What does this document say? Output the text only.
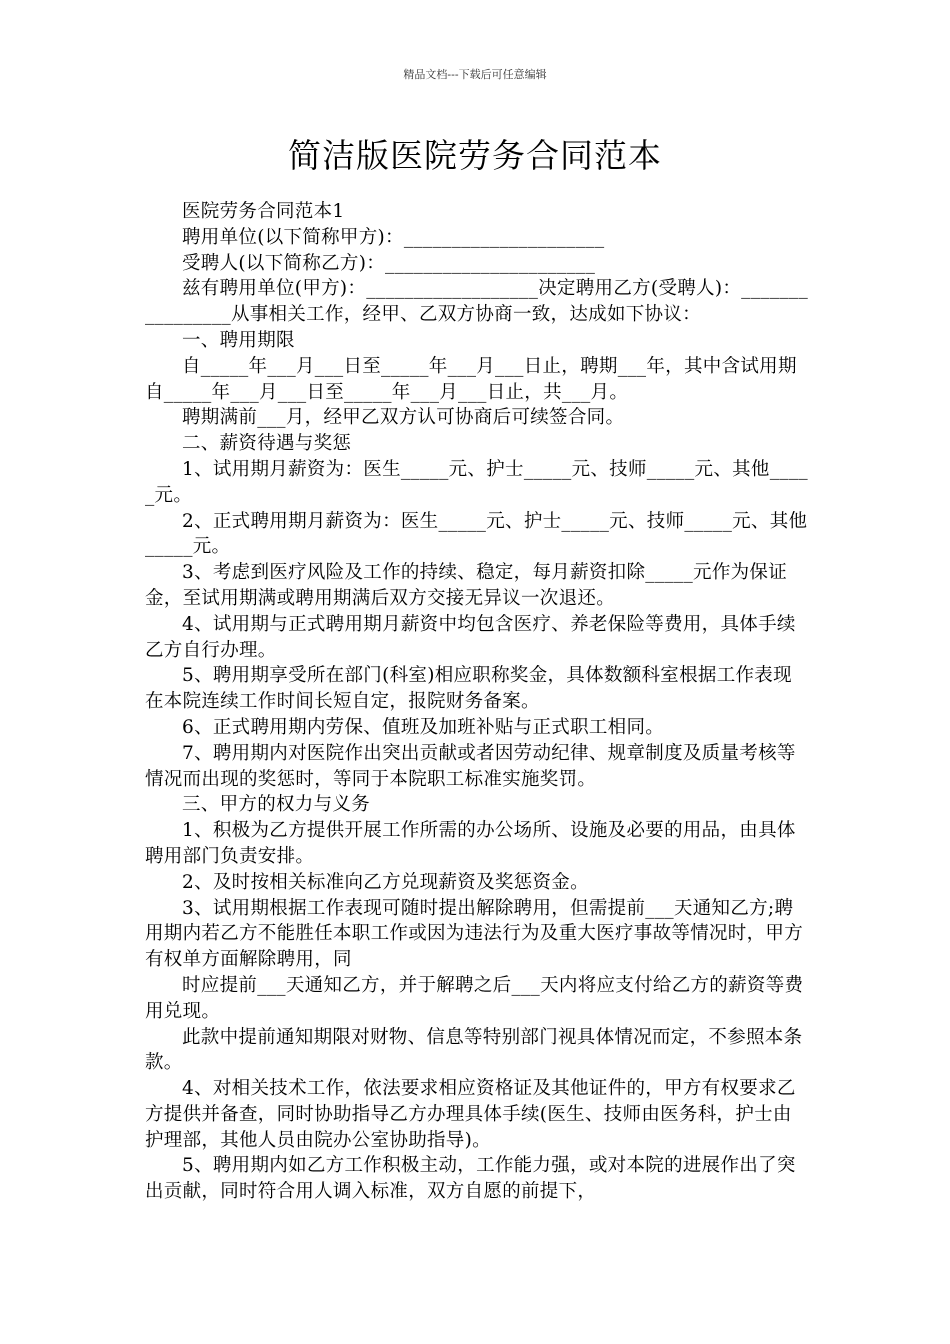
精品文档---下载后可任意编辑
简洁版医院劳务合同范本

医院劳务合同范本1

聘用单位(以下简称甲方)：_____________________

受聘人(以下简称乙方)：______________________

兹有聘用单位(甲方)：__________________决定聘用乙方(受聘人)：________________从事相关工作，经甲、乙双方协商一致，达成如下协议：

一、聘用期限

自_____年___月___日至_____年___月___日止，聘期___年，其中含试用期自_____年___月___日至_____年___月___日止，共___月。

聘期满前___月，经甲乙双方认可协商后可续签合同。

二、薪资待遇与奖惩

1、试用期月薪资为：医生_____元、护士_____元、技师_____元、其他_____元。

2、正式聘用期月薪资为：医生_____元、护士_____元、技师_____元、其他_____元。

3、考虑到医疗风险及工作的持续、稳定，每月薪资扣除_____元作为保证金，至试用期满或聘用期满后双方交接无异议一次退还。

4、试用期与正式聘用期月薪资中均包含医疗、养老保险等费用，具体手续乙方自行办理。

5、聘用期享受所在部门(科室)相应职称奖金，具体数额科室根据工作表现在本院连续工作时间长短自定，报院财务备案。

6、正式聘用期内劳保、值班及加班补贴与正式职工相同。

7、聘用期内对医院作出突出贡献或者因劳动纪律、规章制度及质量考核等情况而出现的奖惩时，等同于本院职工标准实施奖罚。

三、甲方的权力与义务

1、积极为乙方提供开展工作所需的办公场所、设施及必要的用品，由具体聘用部门负责安排。

2、及时按相关标准向乙方兑现薪资及奖惩资金。

3、试用期根据工作表现可随时提出解除聘用，但需提前___天通知乙方;聘用期内若乙方不能胜任本职工作或因为违法行为及重大医疗事故等情况时，甲方有权单方面解除聘用，同

时应提前___天通知乙方，并于解聘之后___天内将应支付给乙方的薪资等费用兑现。

此款中提前通知期限对财物、信息等特别部门视具体情况而定，不参照本条款。

4、对相关技术工作，依法要求相应资格证及其他证件的，甲方有权要求乙方提供并备查，同时协助指导乙方办理具体手续(医生、技师由医务科，护士由护理部，其他人员由院办公室协助指导)。

5、聘用期内如乙方工作积极主动，工作能力强，或对本院的进展作出了突出贡献，同时符合用人调入标准，双方自愿的前提下，
